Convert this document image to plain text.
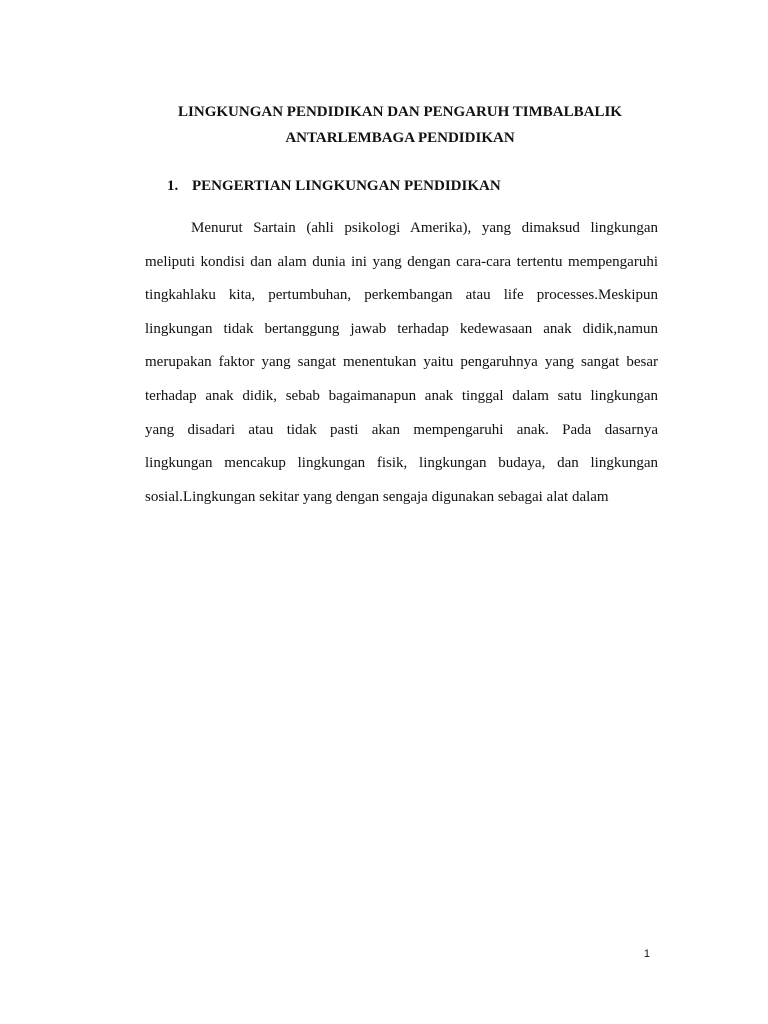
LINGKUNGAN PENDIDIKAN DAN PENGARUH TIMBALBALIK
ANTARLEMBAGA PENDIDIKAN
1. PENGERTIAN LINGKUNGAN PENDIDIKAN
Menurut Sartain (ahli psikologi Amerika), yang dimaksud lingkungan
meliputi kondisi dan alam dunia ini yang dengan cara-cara tertentu mempengaruhi
tingkahlaku kita, pertumbuhan, perkembangan atau life processes.Meskipun
lingkungan tidak bertanggung jawab terhadap kedewasaan anak didik,namun
merupakan faktor yang sangat menentukan yaitu pengaruhnya yang sangat besar
terhadap anak didik, sebab bagaimanapun anak tinggal dalam satu lingkungan
yang disadari atau tidak pasti akan mempengaruhi anak. Pada dasarnya
lingkungan mencakup lingkungan fisik, lingkungan budaya, dan lingkungan
sosial.Lingkungan sekitar yang dengan sengaja digunakan sebagai alat dalam
1
